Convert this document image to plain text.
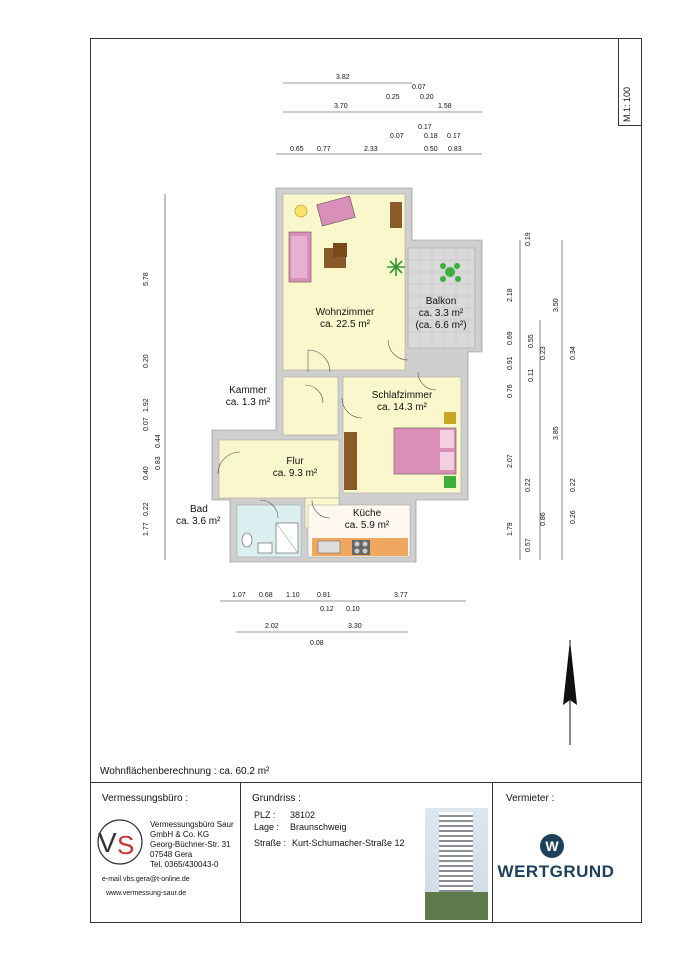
M.1: 100
3.82
0.07
0.25	0.20
3.70	1.58
0.17
0.07	0.18 0.17
0.65 0.77	2.33	0.50 0.83
5.78
0.20
1.92
0.07
0.44
0.83
0.40
0.22
1.77
0.19
2.18
0.69
0.91
0.76
2.07
0.22
1.79
0.57
0.55
0.23
0.11
0.86
3.50
0.34
3.85
0.22
0.26
1.07 0.68 1.10 0.81	3.77
0.12 0.10
2.02	3.30
0.08
Wohnzimmer
ca. 22.5 m²
Balkon
ca. 3.3 m²
(ca. 6.6 m²)
Kammer
ca. 1.3 m²
Schlafzimmer
ca. 14.3 m²
Flur
ca. 9.3 m²
Bad
ca. 3.6 m²
Küche
ca. 5.9 m²
Wohnflächenberechnung : ca. 60.2 m²
Vermessungsbüro :
V S
Vermessungsbüro Saur
GmbH & Co. KG
Georg-Büchner-Str. 31
07548 Gera
Tel. 0365/430043-0
e-mail vbs.gera@t-online.de
www.vermessung-saur.de
Grundriss :
PLZ : 38102
Lage : Braunschweig
Straße : Kurt-Schumacher-Straße 12
Vermieter :
W
WERTGRUND
